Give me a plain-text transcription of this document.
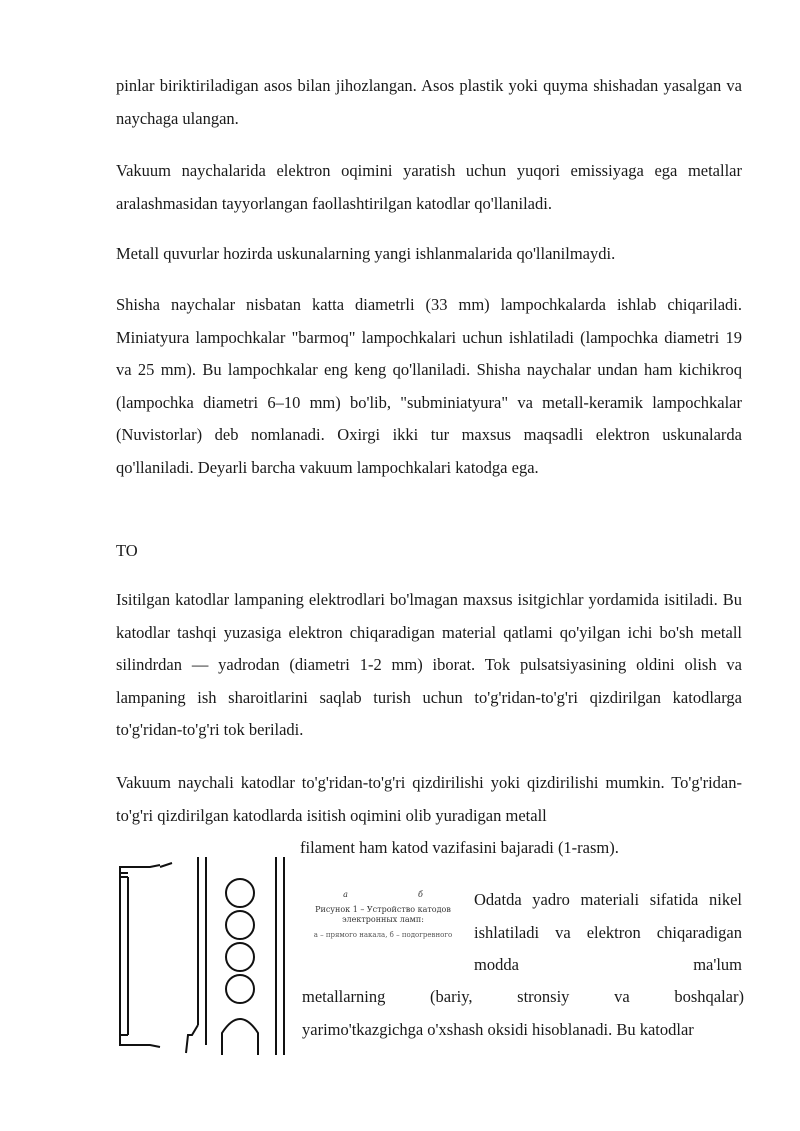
pinlar biriktiriladigan asos bilan jihozlangan. Asos plastik yoki quyma shishadan yasalgan va naychaga ulangan.

Vakuum naychalarida elektron oqimini yaratish uchun yuqori emissiyaga ega metallar aralashmasidan tayyorlangan faollashtirilgan katodlar qo'llaniladi.

Metall quvurlar hozirda uskunalarning yangi ishlanmalarida qo'llanilmaydi.

Shisha naychalar nisbatan katta diametrli (33 mm) lampochkalarda ishlab chiqariladi. Miniatyura lampochkalar "barmoq" lampochkalari uchun ishlatiladi (lampochka diametri 19 va 25 mm). Bu lampochkalar eng keng qo'llaniladi. Shisha naychalar undan ham kichikroq (lampochka diametri 6–10 mm) bo'lib, "subminiatyura" va metall-keramik lampochkalar (Nuvistorlar) deb nomlanadi. Oxirgi ikki tur maxsus maqsadli elektron uskunalarda qo'llaniladi. Deyarli barcha vakuum lampochkalari katodga ega.

TO

Isitilgan katodlar lampaning elektrodlari bo'lmagan maxsus isitgichlar yordamida isitiladi. Bu katodlar tashqi yuzasiga elektron chiqaradigan material qatlami qo'yilgan ichi bo'sh metall silindrdan — yadrodan (diametri 1-2 mm) iborat. Tok pulsatsiyasining oldini olish va lampaning ish sharoitlarini saqlab turish uchun to'g'ridan-to'g'ri qizdirilgan katodlarga to'g'ridan-to'g'ri tok beriladi.

Vakuum naychali katodlar to'g'ridan-to'g'ri qizdirilishi yoki qizdirilishi mumkin. To'g'ridan-to'g'ri qizdirilgan katodlarda isitish oqimini olib yuradigan metall

filament ham katod vazifasini bajaradi (1-rasm).

а	б
Рисунок 1 – Устройство катодов электронных ламп:
а – прямого накала, б – подогревного

Odatda yadro materiali sifatida nikel ishlatiladi va elektron chiqaradigan modda ma'lum

metallarning (bariy, stronsiy va boshqalar)
yarimo'tkazgichga o'xshash oksidi hisoblanadi. Bu katodlar
